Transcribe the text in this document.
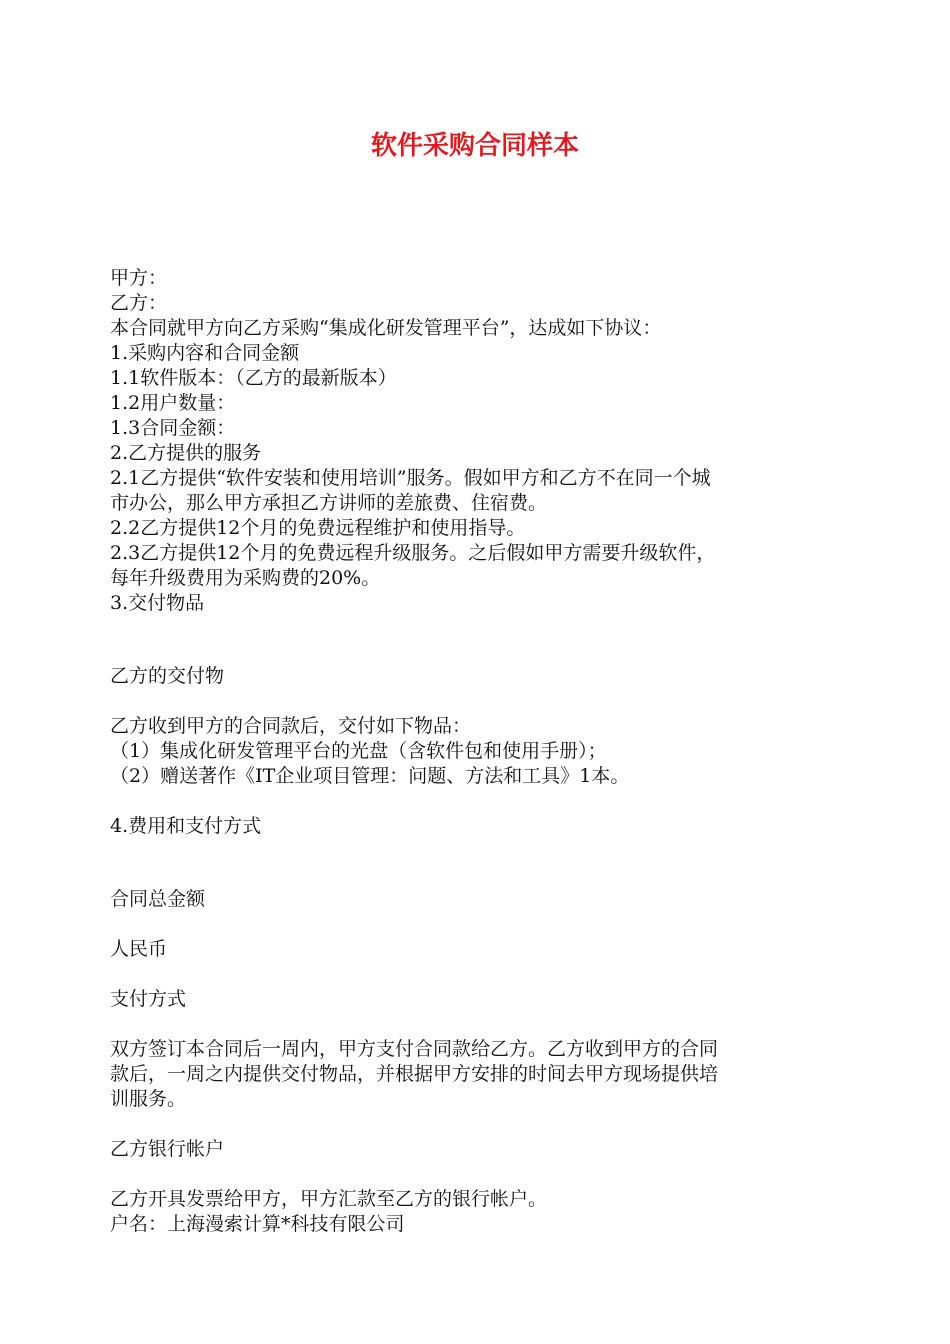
软件采购合同样本
甲方：
乙方：
本合同就甲方向乙方采购“集成化研发管理平台”，达成如下协议：
1.采购内容和合同金额
1.1软件版本：（乙方的最新版本）
1.2用户数量：
1.3合同金额：
2.乙方提供的服务
2.1乙方提供“软件安装和使用培训”服务。假如甲方和乙方不在同一个城
市办公，那么甲方承担乙方讲师的差旅费、住宿费。
2.2乙方提供12个月的免费远程维护和使用指导。
2.3乙方提供12个月的免费远程升级服务。之后假如甲方需要升级软件，
每年升级费用为采购费的20%。
3.交付物品
乙方的交付物
乙方收到甲方的合同款后，交付如下物品：
（1）集成化研发管理平台的光盘（含软件包和使用手册）；
（2）赠送著作《IT企业项目管理：问题、方法和工具》1本。
4.费用和支付方式
合同总金额
人民币
支付方式
双方签订本合同后一周内，甲方支付合同款给乙方。乙方收到甲方的合同
款后，一周之内提供交付物品，并根据甲方安排的时间去甲方现场提供培
训服务。
乙方银行帐户
乙方开具发票给甲方，甲方汇款至乙方的银行帐户。
户名：上海漫索计算*科技有限公司
